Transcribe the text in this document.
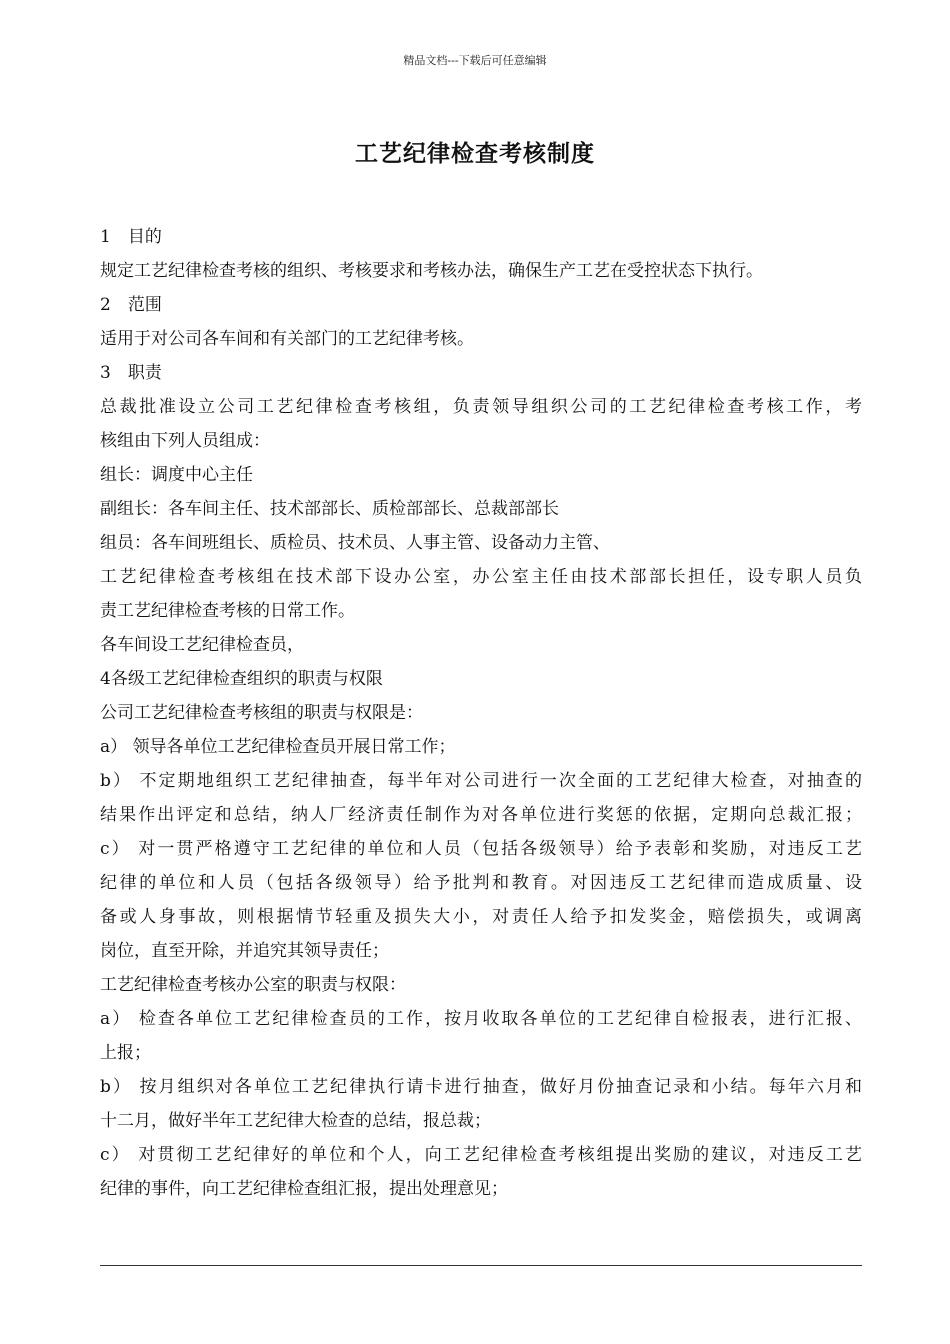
精品文档---下载后可任意编辑
工艺纪律检查考核制度
1　目的
规定工艺纪律检查考核的组织、考核要求和考核办法，确保生产工艺在受控状态下执行。
2　范围
适用于对公司各车间和有关部门的工艺纪律考核。
3　职责
总裁批准设立公司工艺纪律检查考核组，负责领导组织公司的工艺纪律检查考核工作，考
核组由下列人员组成：
组长：调度中心主任
副组长：各车间主任、技术部部长、质检部部长、总裁部部长
组员：各车间班组长、质检员、技术员、人事主管、设备动力主管、
工艺纪律检查考核组在技术部下设办公室，办公室主任由技术部部长担任，设专职人员负
责工艺纪律检查考核的日常工作。
各车间设工艺纪律检查员，
4各级工艺纪律检查组织的职责与权限
公司工艺纪律检查考核组的职责与权限是：
a） 领导各单位工艺纪律检查员开展日常工作；
b） 不定期地组织工艺纪律抽查，每半年对公司进行一次全面的工艺纪律大检查，对抽查的
结果作出评定和总结，纳人厂经济责任制作为对各单位进行奖惩的依据，定期向总裁汇报；
c） 对一贯严格遵守工艺纪律的单位和人员（包括各级领导）给予表彰和奖励，对违反工艺
纪律的单位和人员（包括各级领导）给予批判和教育。对因违反工艺纪律而造成质量、设
备或人身事故，则根据情节轻重及损失大小，对责任人给予扣发奖金，赔偿损失，或调离
岗位，直至开除，并追究其领导责任；
工艺纪律检查考核办公室的职责与权限：
a） 检查各单位工艺纪律检查员的工作，按月收取各单位的工艺纪律自检报表，进行汇报、
上报；
b） 按月组织对各单位工艺纪律执行请卡进行抽查，做好月份抽查记录和小结。每年六月和
十二月，做好半年工艺纪律大检查的总结，报总裁；
c） 对贯彻工艺纪律好的单位和个人，向工艺纪律检查考核组提出奖励的建议，对违反工艺
纪律的事件，向工艺纪律检查组汇报，提出处理意见；
